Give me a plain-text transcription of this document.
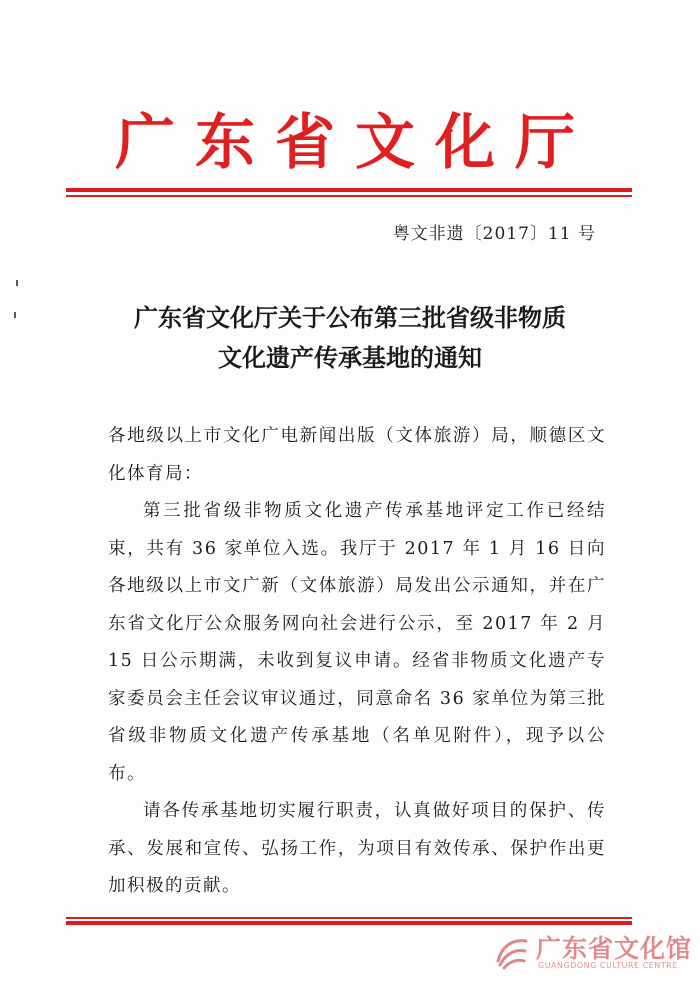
广东省文化厅
粤文非遗〔2017〕11 号
广东省文化厅关于公布第三批省级非物质
文化遗产传承基地的通知

各地级以上市文化广电新闻出版（文体旅游）局，顺德区文化体育局：

第三批省级非物质文化遗产传承基地评定工作已经结束，共有 36 家单位入选。我厅于 2017 年 1 月 16 日向各地级以上市文广新（文体旅游）局发出公示通知，并在广东省文化厅公众服务网向社会进行公示，至 2017 年 2 月 15 日公示期满，未收到复议申请。经省非物质文化遗产专家委员会主任会议审议通过，同意命名 36 家单位为第三批省级非物质文化遗产传承基地（名单见附件），现予以公布。

请各传承基地切实履行职责，认真做好项目的保护、传承、发展和宣传、弘扬工作，为项目有效传承、保护作出更加积极的贡献。

广东省文化馆
GUANGDONG CULTURE CENTRE
